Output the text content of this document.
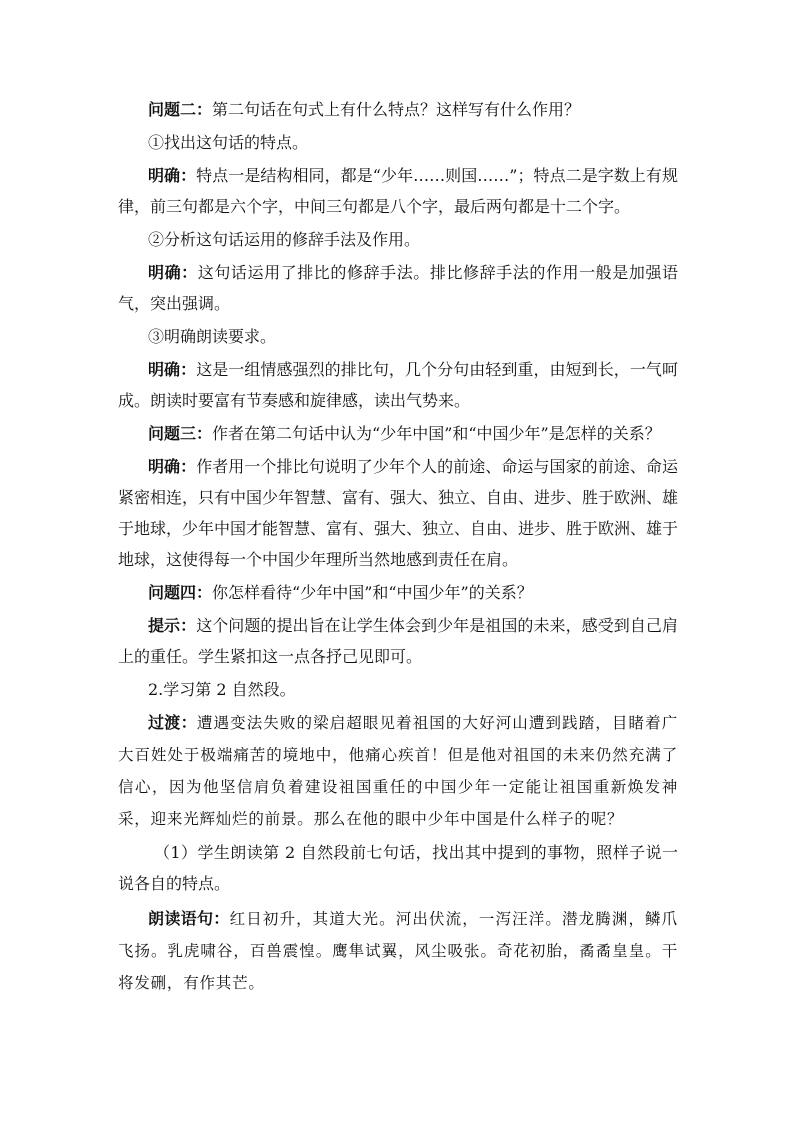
问题二：第二句话在句式上有什么特点？这样写有什么作用？

①找出这句话的特点。

明确：特点一是结构相同，都是“少年……则国……”；特点二是字数上有规律，前三句都是六个字，中间三句都是八个字，最后两句都是十二个字。

②分析这句话运用的修辞手法及作用。

明确：这句话运用了排比的修辞手法。排比修辞手法的作用一般是加强语气，突出强调。

③明确朗读要求。

明确：这是一组情感强烈的排比句，几个分句由轻到重，由短到长，一气呵成。朗读时要富有节奏感和旋律感，读出气势来。

问题三：作者在第二句话中认为“少年中国”和“中国少年”是怎样的关系？

明确：作者用一个排比句说明了少年个人的前途、命运与国家的前途、命运紧密相连，只有中国少年智慧、富有、强大、独立、自由、进步、胜于欧洲、雄于地球，少年中国才能智慧、富有、强大、独立、自由、进步、胜于欧洲、雄于地球，这使得每一个中国少年理所当然地感到责任在肩。

问题四：你怎样看待“少年中国”和“中国少年”的关系？

提示：这个问题的提出旨在让学生体会到少年是祖国的未来，感受到自己肩上的重任。学生紧扣这一点各抒己见即可。

2.学习第 2 自然段。

过渡：遭遇变法失败的梁启超眼见着祖国的大好河山遭到践踏，目睹着广大百姓处于极端痛苦的境地中，他痛心疾首！但是他对祖国的未来仍然充满了信心，因为他坚信肩负着建设祖国重任的中国少年一定能让祖国重新焕发神采，迎来光辉灿烂的前景。那么在他的眼中少年中国是什么样子的呢？

（1）学生朗读第 2 自然段前七句话，找出其中提到的事物，照样子说一说各自的特点。

朗读语句：红日初升，其道大光。河出伏流，一泻汪洋。潜龙腾渊，鳞爪飞扬。乳虎啸谷，百兽震惶。鹰隼试翼，风尘吸张。奇花初胎，矞矞皇皇。干将发硎，有作其芒。
